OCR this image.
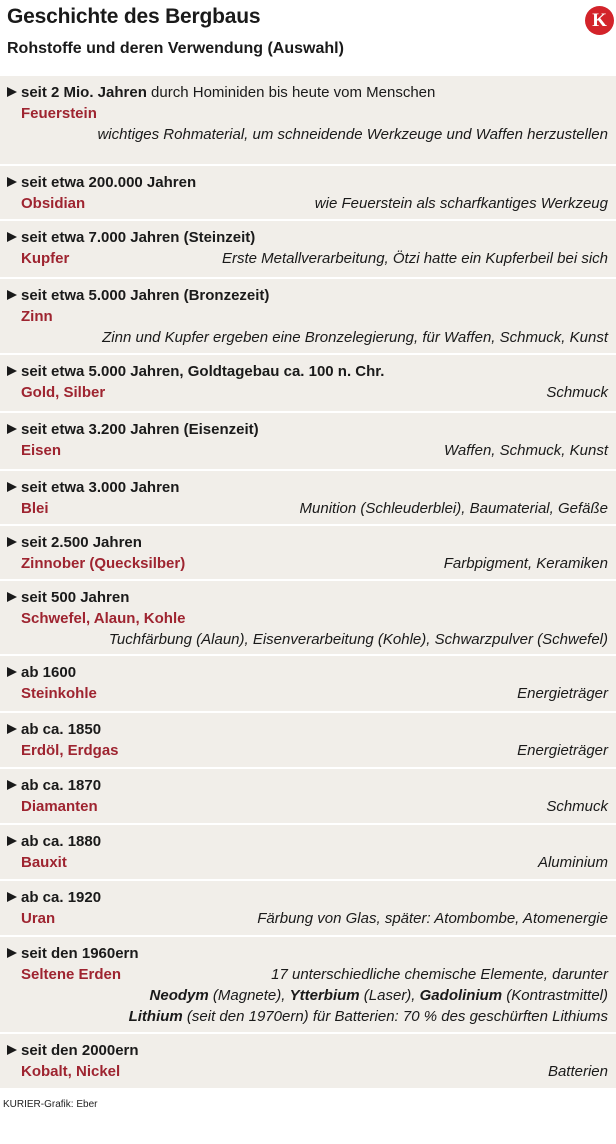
Geschichte des Bergbaus
Rohstoffe und deren Verwendung (Auswahl)
K
seit 2 Mio. Jahren durch Hominiden bis heute vom Menschen
Feuerstein
wichtiges Rohmaterial, um schneidende Werkzeuge und Waffen herzustellen
seit etwa 200.000 Jahren
Obsidian	wie Feuerstein als scharfkantiges Werkzeug
seit etwa 7.000 Jahren (Steinzeit)
Kupfer	Erste Metallverarbeitung, Ötzi hatte ein Kupferbeil bei sich
seit etwa 5.000 Jahren (Bronzezeit)
Zinn
Zinn und Kupfer ergeben eine Bronzelegierung, für Waffen, Schmuck, Kunst
seit etwa 5.000 Jahren, Goldtagebau ca. 100 n. Chr.
Gold, Silber	Schmuck
seit etwa 3.200 Jahren (Eisenzeit)
Eisen	Waffen, Schmuck, Kunst
seit etwa 3.000 Jahren
Blei	Munition (Schleuderblei), Baumaterial, Gefäße
seit 2.500 Jahren
Zinnober (Quecksilber)	Farbpigment, Keramiken
seit 500 Jahren
Schwefel, Alaun, Kohle
Tuchfärbung (Alaun), Eisenverarbeitung (Kohle), Schwarzpulver (Schwefel)
ab 1600
Steinkohle	Energieträger
ab ca. 1850
Erdöl, Erdgas	Energieträger
ab ca. 1870
Diamanten	Schmuck
ab ca. 1880
Bauxit	Aluminium
ab ca. 1920
Uran	Färbung von Glas, später: Atombombe, Atomenergie
seit den 1960ern
Seltene Erden	17 unterschiedliche chemische Elemente, darunter
Neodym (Magnete), Ytterbium (Laser), Gadolinium (Kontrastmittel)
Lithium (seit den 1970ern) für Batterien: 70 % des geschürften Lithiums
seit den 2000ern
Kobalt, Nickel	Batterien
KURIER-Grafik: Eber
